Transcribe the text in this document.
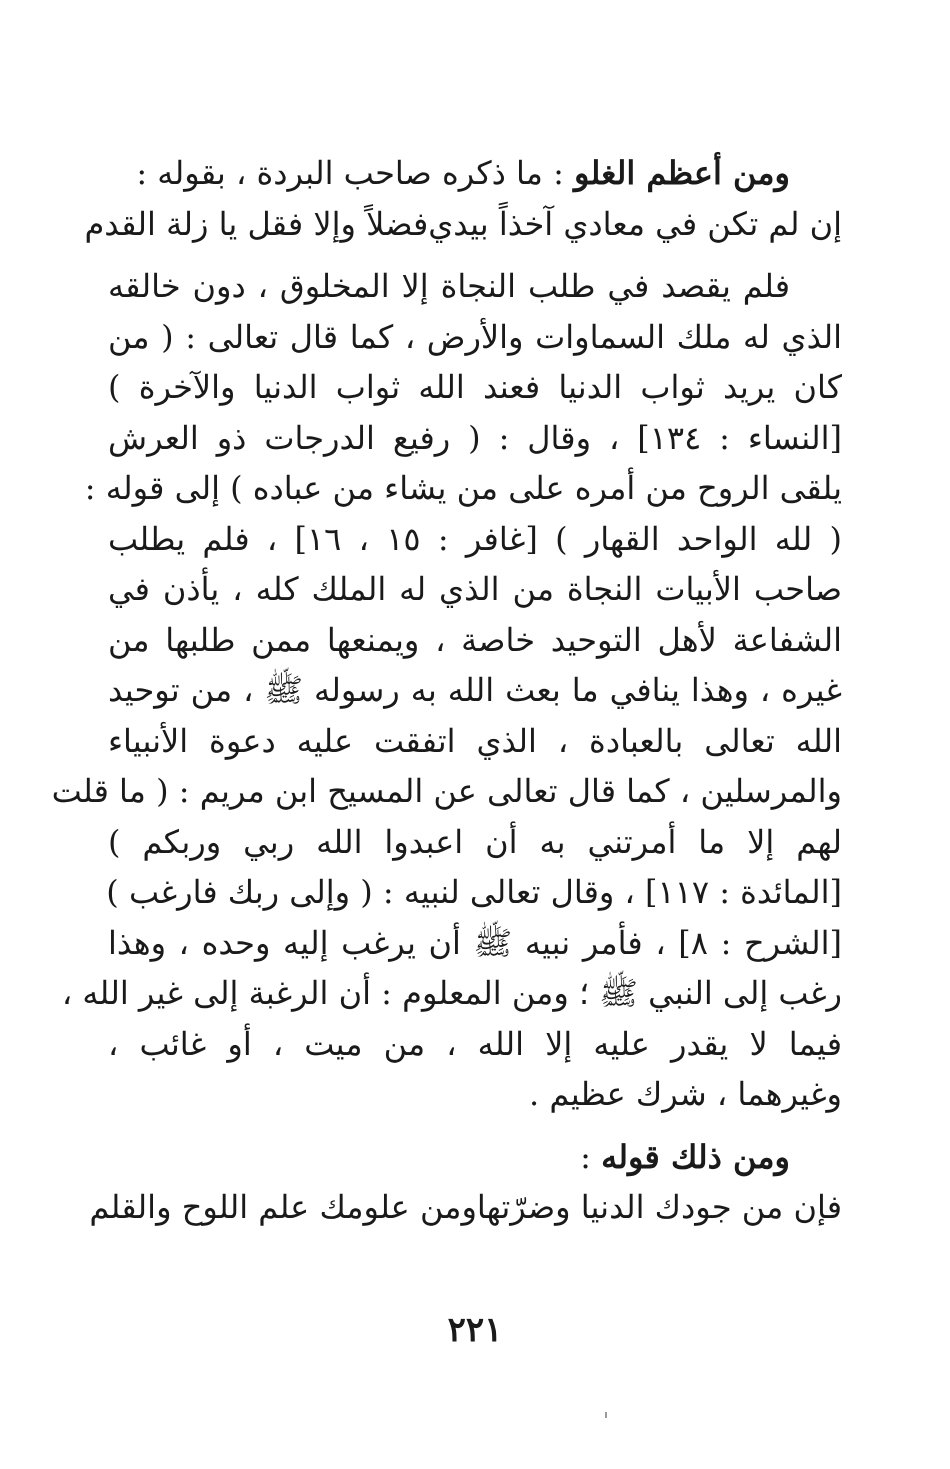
ومن أعظم الغلو : ما ذكره صاحب البردة ، بقوله :
إن لم تكن في معادي آخذاً بيدي
فضلاً وإلا فقل يا زلة القدم
فلم يقصد في طلب النجاة إلا المخلوق ، دون خالقه
الذي له ملك السماوات والأرض ، كما قال تعالى : ( من
كان يريد ثواب الدنيا فعند الله ثواب الدنيا والآخرة )
[النساء : ١٣٤] ، وقال : ( رفيع الدرجات ذو العرش
يلقى الروح من أمره على من يشاء من عباده ) إلى قوله :
( لله الواحد القهار ) [غافر : ١٥ ، ١٦] ، فلم يطلب
صاحب الأبيات النجاة من الذي له الملك كله ، يأذن في
الشفاعة لأهل التوحيد خاصة ، ويمنعها ممن طلبها من
غيره ، وهذا ينافي ما بعث الله به رسوله ﷺ ، من توحيد
الله تعالى بالعبادة ، الذي اتفقت عليه دعوة الأنبياء
والمرسلين ، كما قال تعالى عن المسيح ابن مريم : ( ما قلت
لهم إلا ما أمرتني به أن اعبدوا الله ربي وربكم )
[المائدة : ١١٧] ، وقال تعالى لنبيه : ( وإلى ربك فارغب )
[الشرح : ٨] ، فأمر نبيه ﷺ أن يرغب إليه وحده ، وهذا
رغب إلى النبي ﷺ ؛ ومن المعلوم : أن الرغبة إلى غير الله ،
فيما لا يقدر عليه إلا الله ، من ميت ، أو غائب ،
وغيرهما ، شرك عظيم .
ومن ذلك قوله :
فإن من جودك الدنيا وضرّتها
ومن علومك علم اللوح والقلم
٢٢١
